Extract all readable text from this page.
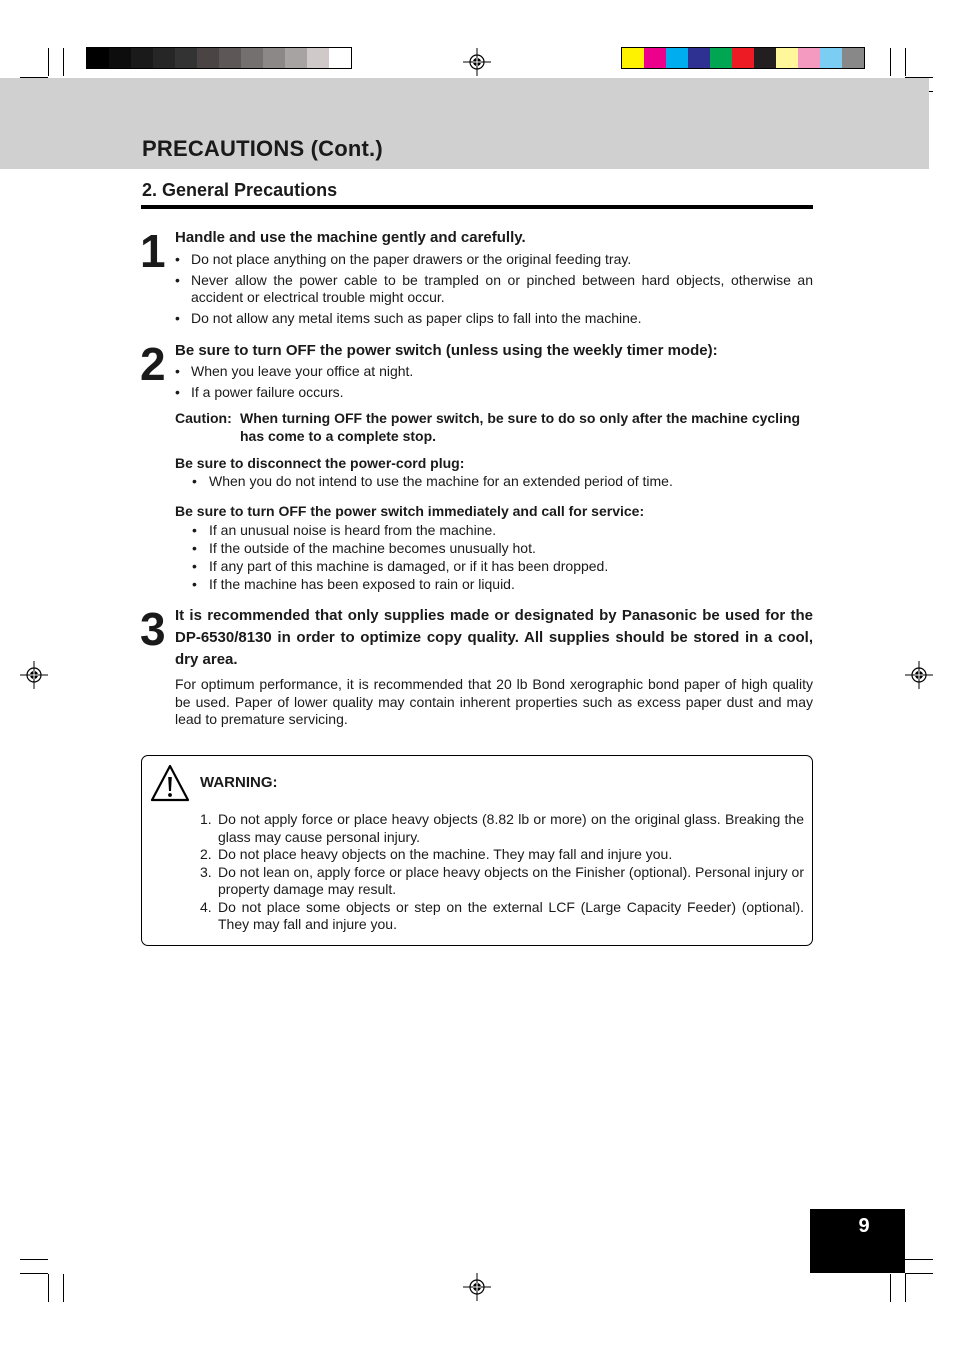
PRECAUTIONS (Cont.)
2. General Precautions
1 Handle and use the machine gently and carefully.
• Do not place anything on the paper drawers or the original feeding tray.
• Never allow the power cable to be trampled on or pinched between hard objects, otherwise an accident or electrical trouble might occur.
• Do not allow any metal items such as paper clips to fall into the machine.
2 Be sure to turn OFF the power switch (unless using the weekly timer mode):
• When you leave your office at night.
• If a power failure occurs.
Caution: When turning OFF the power switch, be sure to do so only after the machine cycling has come to a complete stop.
Be sure to disconnect the power-cord plug:
• When you do not intend to use the machine for an extended period of time.
Be sure to turn OFF the power switch immediately and call for service:
• If an unusual noise is heard from the machine.
• If the outside of the machine becomes unusually hot.
• If any part of this machine is damaged, or if it has been dropped.
• If the machine has been exposed to rain or liquid.
3 It is recommended that only supplies made or designated by Panasonic be used for the DP-6530/8130 in order to optimize copy quality. All supplies should be stored in a cool, dry area.
For optimum performance, it is recommended that 20 lb Bond xerographic bond paper of high quality be used. Paper of lower quality may contain inherent properties such as excess paper dust and may lead to premature servicing.
WARNING:
1. Do not apply force or place heavy objects (8.82 lb or more) on the original glass. Breaking the glass may cause personal injury.
2. Do not place heavy objects on the machine. They may fall and injure you.
3. Do not lean on, apply force or place heavy objects on the Finisher (optional). Personal injury or property damage may result.
4. Do not place some objects or step on the external LCF (Large Capacity Feeder) (optional). They may fall and injure you.
9
